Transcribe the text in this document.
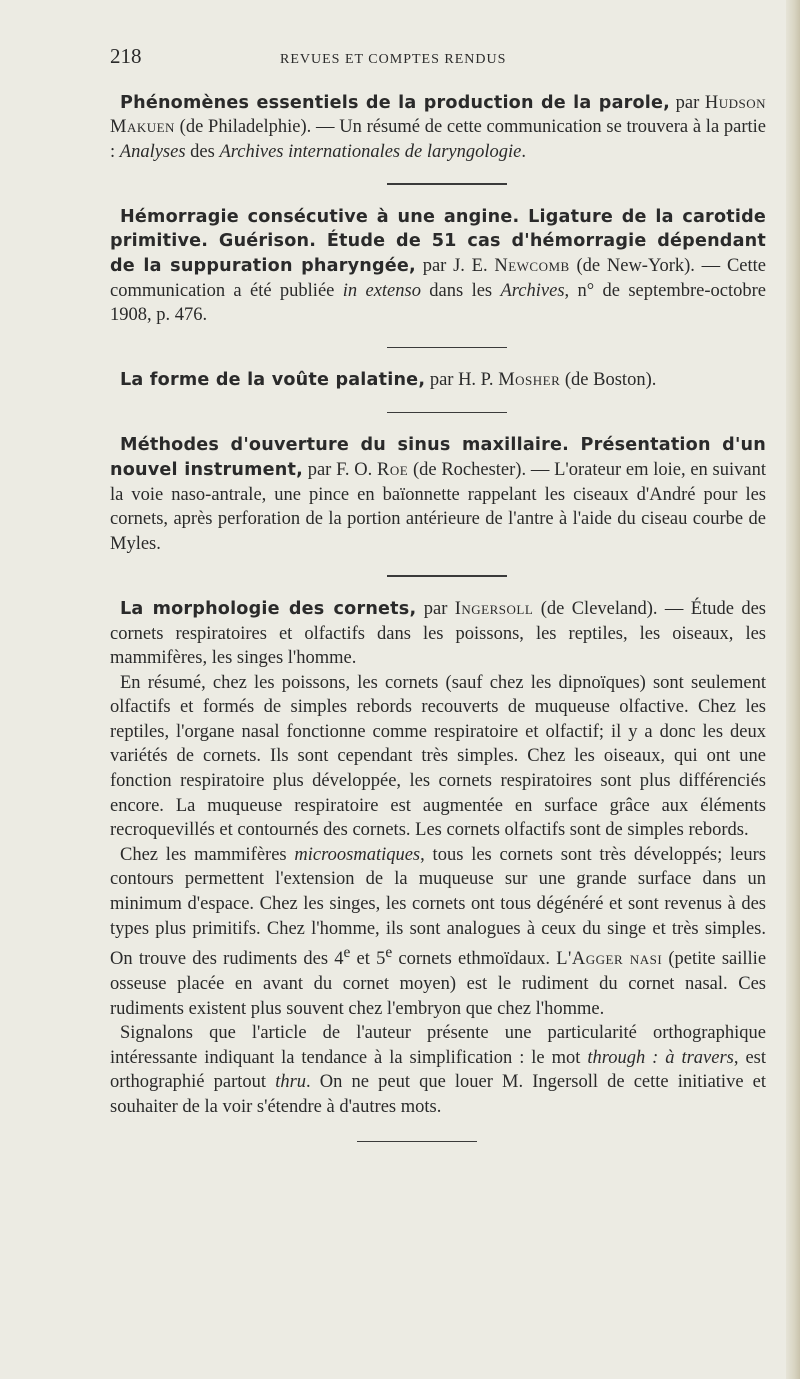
218	REVUES ET COMPTES RENDUS

Phénomènes essentiels de la production de la parole, par Hudson Makuen (de Philadelphie). — Un résumé de cette communication se trouvera à la partie : Analyses des Archives internationales de laryngologie.

Hémorragie consécutive à une angine. Ligature de la carotide primitive. Guérison. Étude de 51 cas d'hémorragie dépendant de la suppuration pharyngée, par J. E. Newcomb (de New-York). — Cette communication a été publiée in extenso dans les Archives, n° de septembre-octobre 1908, p. 476.

La forme de la voûte palatine, par H. P. Mosher (de Boston).

Méthodes d'ouverture du sinus maxillaire. Présentation d'un nouvel instrument, par F. O. Roe (de Rochester). — L'orateur em loie, en suivant la voie naso-antrale, une pince en baïonnette rappelant les ciseaux d'André pour les cornets, après perforation de la portion antérieure de l'antre à l'aide du ciseau courbe de Myles.

La morphologie des cornets, par Ingersoll (de Cleveland). — Étude des cornets respiratoires et olfactifs dans les poissons, les reptiles, les oiseaux, les mammifères, les singes l'homme.

En résumé, chez les poissons, les cornets (sauf chez les dipnoïques) sont seulement olfactifs et formés de simples rebords recouverts de muqueuse olfactive. Chez les reptiles, l'organe nasal fonctionne comme respiratoire et olfactif; il y a donc les deux variétés de cornets. Ils sont cependant très simples. Chez les oiseaux, qui ont une fonction respiratoire plus développée, les cornets respiratoires sont plus différenciés encore. La muqueuse respiratoire est augmentée en surface grâce aux éléments recroquevillés et contournés des cornets. Les cornets olfactifs sont de simples rebords.

Chez les mammifères microosmatiques, tous les cornets sont très développés; leurs contours permettent l'extension de la muqueuse sur une grande surface dans un minimum d'espace. Chez les singes, les cornets ont tous dégénéré et sont revenus à des types plus primitifs. Chez l'homme, ils sont analogues à ceux du singe et très simples. On trouve des rudiments des 4e et 5e cornets ethmoïdaux. L'Agger nasi (petite saillie osseuse placée en avant du cornet moyen) est le rudiment du cornet nasal. Ces rudiments existent plus souvent chez l'embryon que chez l'homme.

Signalons que l'article de l'auteur présente une particularité orthographique intéressante indiquant la tendance à la simplification : le mot through : à travers, est orthographié partout thru. On ne peut que louer M. Ingersoll de cette initiative et souhaiter de la voir s'étendre à d'autres mots.
